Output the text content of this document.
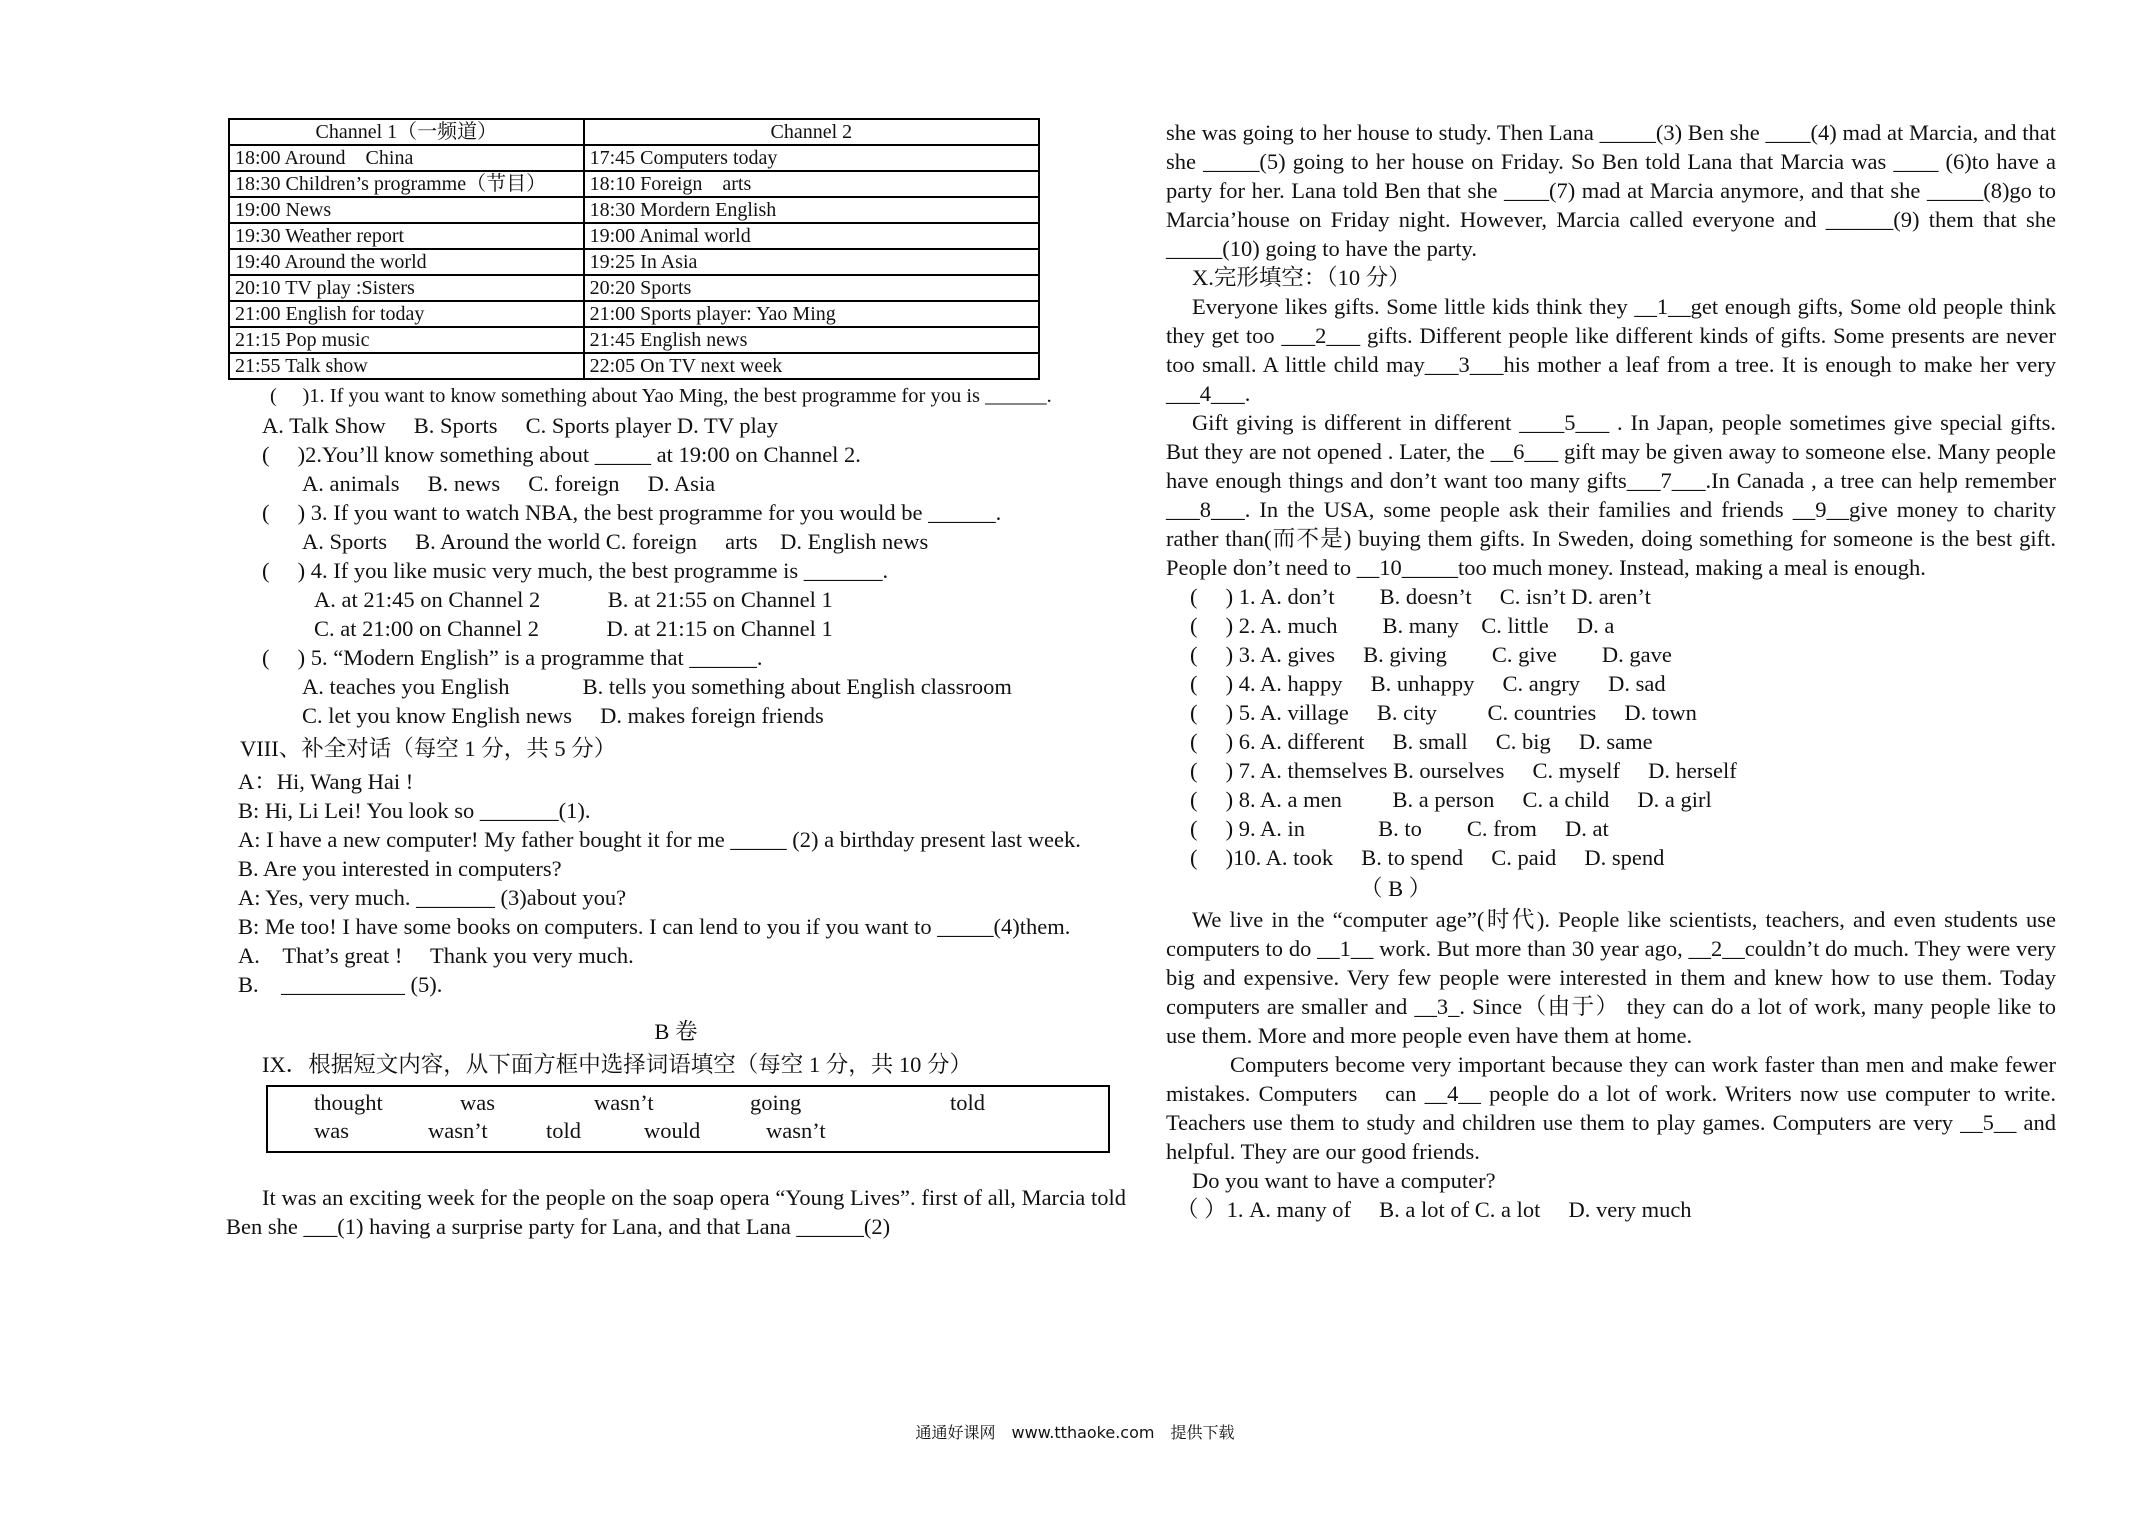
Channel 1（一频道）	Channel 2
18:00 Around　China	17:45 Computers today
18:30 Children’s programme（节目）	18:10 Foreign　arts
19:00 News	18:30 Mordern English
19:30 Weather report	19:00 Animal world
19:40 Around the world	19:25 In Asia
20:10 TV play :Sisters	20:20 Sports
21:00 English for today	21:00 Sports player: Yao Ming
21:15 Pop music	21:45 English news
21:55 Talk show	22:05 On TV next week

(　 )1. If you want to know something about Yao Ming, the best programme for you is ______.

A. Talk Show　 B. Sports　 C. Sports player D. TV play

(　 )2.You’ll know something about _____ at 19:00 on Channel 2.

A. animals　 B. news　 C. foreign　 D. Asia

(　 ) 3. If you want to watch NBA, the best programme for you would be ______.

A. Sports　 B. Around the world C. foreign　 arts　D. English news

(　 ) 4. If you like music very much, the best programme is _______.

A. at 21:45 on Channel 2　　　B. at 21:55 on Channel 1

C. at 21:00 on Channel 2　　　D. at 21:15 on Channel 1

(　 ) 5. “Modern English” is a programme that ______.

A. teaches you English　　　 B. tells you something about English classroom

C. let you know English news　 D. makes foreign friends

VIII、补全对话（每空 1 分，共 5 分）

A：Hi, Wang Hai !

B: Hi, Li Lei! You look so _______(1).

A: I have a new computer! My father bought it for me _____ (2) a birthday present last week.

B. Are you interested in computers?

A: Yes, very much. _______ (3)about you?

B: Me too! I have some books on computers. I can lend to you if you want to _____(4)them.

A.　That’s great !　 Thank you very much.

B.　___________ (5).

B 卷

IX．根据短文内容，从下面方框中选择词语填空（每空 1 分，共 10 分）

thought	was	wasn’t	going	told
was	wasn’t	told	would	wasn’t

It was an exciting week for the people on the soap opera “Young Lives”. first of all, Marcia told Ben she ___(1) having a surprise party for Lana, and that Lana ______(2)

she was going to her house to study. Then Lana _____(3) Ben she ____(4) mad at Marcia, and that she _____(5) going to her house on Friday. So Ben told Lana that Marcia was ____ (6)to have a party for her. Lana told Ben that she ____(7) mad at Marcia anymore, and that she _____(8)go to Marcia’house on Friday night. However, Marcia called everyone and ______(9) them that she _____(10) going to have the party.

X.完形填空：（10 分）

Everyone likes gifts. Some little kids think they __1__get enough gifts, Some old people think they get too ___2___ gifts. Different people like different kinds of gifts. Some presents are never too small. A little child may___3___his mother a leaf from a tree. It is enough to make her very ___4___.

Gift giving is different in different ____5___ . In Japan, people sometimes give special gifts. But they are not opened . Later, the __6___ gift may be given away to someone else. Many people have enough things and don’t want too many gifts___7___.In Canada , a tree can help remember ___8___. In the USA, some people ask their families and friends __9__give money to charity rather than(而不是) buying them gifts. In Sweden, doing something for someone is the best gift. People don’t need to __10_____too much money. Instead, making a meal is enough.

(　 ) 1. A. don’t　　B. doesn’t　 C. isn’t D. aren’t

(　 ) 2. A. much　　B. many　C. little　 D. a

(　 ) 3. A. gives　 B. giving　　C. give　　D. gave

(　 ) 4. A. happy　 B. unhappy　 C. angry　 D. sad

(　 ) 5. A. village　 B. city　　 C. countries　 D. town

(　 ) 6. A. different　 B. small　 C. big　 D. same

(　 ) 7. A. themselves B. ourselves　 C. myself　 D. herself

(　 ) 8. A. a men　　 B. a person　 C. a child　 D. a girl

(　 ) 9. A. in　　　 B. to　　C. from　 D. at

(　 )10. A. took　 B. to spend　 C. paid　 D. spend

（ B ）

We live in the “computer age”(时代). People like scientists, teachers, and even students use computers to do __1__ work. But more than 30 year ago, __2__couldn’t do much. They were very big and expensive. Very few people were interested in them and knew how to use them. Today computers are smaller and __3_. Since（由于） they can do a lot of work, many people like to use them. More and more people even have them at home.

Computers become very important because they can work faster than men and make fewer mistakes. Computers　can __4__ people do a lot of work. Writers now use computer to write. Teachers use them to study and children use them to play games. Computers are very __5__ and helpful. They are our good friends.

Do you want to have a computer?

（ ）1. A. many of　 B. a lot of C. a lot　 D. very much

通通好课网　www.tthaoke.com　提供下载
